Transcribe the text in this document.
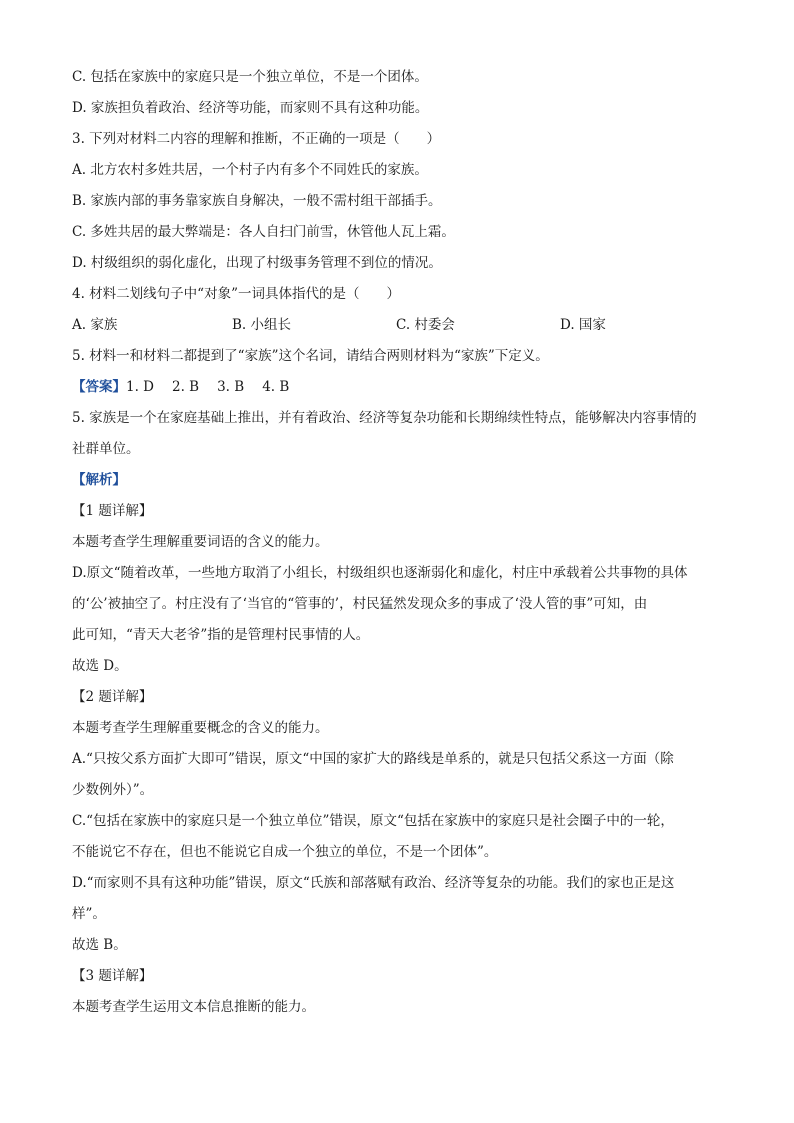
C. 包括在家族中的家庭只是一个独立单位，不是一个团体。
D. 家族担负着政治、经济等功能，而家则不具有这种功能。
3. 下列对材料二内容的理解和推断，不正确的一项是（　　）
A. 北方农村多姓共居，一个村子内有多个不同姓氏的家族。
B. 家族内部的事务靠家族自身解决，一般不需村组干部插手。
C. 多姓共居的最大弊端是：各人自扫门前雪，休管他人瓦上霜。
D. 村级组织的弱化虚化，出现了村级事务管理不到位的情况。
4. 材料二划线句子中“对象”一词具体指代的是（　　）
A. 家族	B. 小组长	C. 村委会	D. 国家
5. 材料一和材料二都提到了“家族”这个名词，请结合两则材料为“家族”下定义。
【答案】1. D 2. B 3. B 4. B
5. 家族是一个在家庭基础上推出，并有着政治、经济等复杂功能和长期绵续性特点，能够解决内容事情的
社群单位。
【解析】
【1 题详解】
本题考查学生理解重要词语的含义的能力。
D.原文“随着改革，一些地方取消了小组长，村级组织也逐渐弱化和虚化，村庄中承载着公共事物的具体
的‘公’被抽空了。村庄没有了‘当官的“管事的’，村民猛然发现众多的事成了‘没人管的事”可知，由
此可知，“青天大老爷”指的是管理村民事情的人。
故选 D。
【2 题详解】
本题考查学生理解重要概念的含义的能力。
A.“只按父系方面扩大即可”错误，原文“中国的家扩大的路线是单系的，就是只包括父系这一方面（除
少数例外）”。
C.“包括在家族中的家庭只是一个独立单位”错误，原文“包括在家族中的家庭只是社会圈子中的一轮，
不能说它不存在，但也不能说它自成一个独立的单位，不是一个团体”。
D.“而家则不具有这种功能”错误，原文“氏族和部落赋有政治、经济等复杂的功能。我们的家也正是这
样”。
故选 B。
【3 题详解】
本题考查学生运用文本信息推断的能力。
